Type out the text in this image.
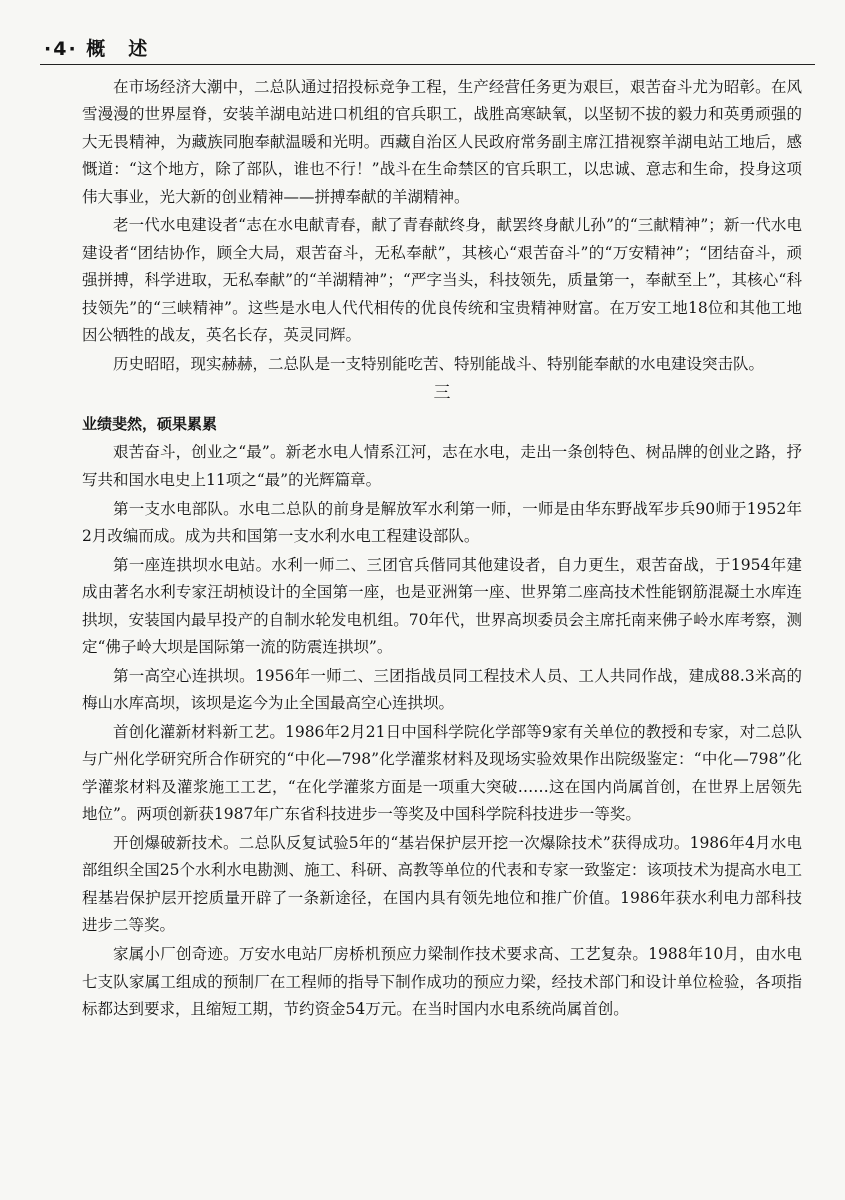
·4· 概　述

在市场经济大潮中，二总队通过招投标竞争工程，生产经营任务更为艰巨，艰苦奋斗尤为昭彰。在风雪漫漫的世界屋脊，安装羊湖电站进口机组的官兵职工，战胜高寒缺氧，以坚韧不拔的毅力和英勇顽强的大无畏精神，为藏族同胞奉献温暖和光明。西藏自治区人民政府常务副主席江措视察羊湖电站工地后，感慨道：“这个地方，除了部队，谁也不行！”战斗在生命禁区的官兵职工，以忠诚、意志和生命，投身这项伟大事业，光大新的创业精神——拼搏奉献的羊湖精神。

老一代水电建设者“志在水电献青春，献了青春献终身，献罢终身献儿孙”的“三献精神”；新一代水电建设者“团结协作，顾全大局，艰苦奋斗，无私奉献”，其核心“艰苦奋斗”的“万安精神”；“团结奋斗，顽强拼搏，科学进取，无私奉献”的“羊湖精神”；“严字当头，科技领先，质量第一，奉献至上”，其核心“科技领先”的“三峡精神”。这些是水电人代代相传的优良传统和宝贵精神财富。在万安工地18位和其他工地因公牺牲的战友，英名长存，英灵同辉。

历史昭昭，现实赫赫，二总队是一支特别能吃苦、特别能战斗、特别能奉献的水电建设突击队。

三

业绩斐然，硕果累累

艰苦奋斗，创业之“最”。新老水电人情系江河，志在水电，走出一条创特色、树品牌的创业之路，抒写共和国水电史上11项之“最”的光辉篇章。

第一支水电部队。水电二总队的前身是解放军水利第一师，一师是由华东野战军步兵90师于1952年2月改编而成。成为共和国第一支水利水电工程建设部队。

第一座连拱坝水电站。水利一师二、三团官兵偕同其他建设者，自力更生，艰苦奋战，于1954年建成由著名水利专家汪胡桢设计的全国第一座，也是亚洲第一座、世界第二座高技术性能钢筋混凝土水库连拱坝，安装国内最早投产的自制水轮发电机组。70年代，世界高坝委员会主席托南来佛子岭水库考察，测定“佛子岭大坝是国际第一流的防震连拱坝”。

第一高空心连拱坝。1956年一师二、三团指战员同工程技术人员、工人共同作战，建成88.3米高的梅山水库高坝，该坝是迄今为止全国最高空心连拱坝。

首创化灌新材料新工艺。1986年2月21日中国科学院化学部等9家有关单位的教授和专家，对二总队与广州化学研究所合作研究的“中化—798”化学灌浆材料及现场实验效果作出院级鉴定：“中化—798”化学灌浆材料及灌浆施工工艺，“在化学灌浆方面是一项重大突破……这在国内尚属首创，在世界上居领先地位”。两项创新获1987年广东省科技进步一等奖及中国科学院科技进步一等奖。

开创爆破新技术。二总队反复试验5年的“基岩保护层开挖一次爆除技术”获得成功。1986年4月水电部组织全国25个水利水电勘测、施工、科研、高教等单位的代表和专家一致鉴定：该项技术为提高水电工程基岩保护层开挖质量开辟了一条新途径，在国内具有领先地位和推广价值。1986年获水利电力部科技进步二等奖。

家属小厂创奇迹。万安水电站厂房桥机预应力梁制作技术要求高、工艺复杂。1988年10月，由水电七支队家属工组成的预制厂在工程师的指导下制作成功的预应力梁，经技术部门和设计单位检验，各项指标都达到要求，且缩短工期，节约资金54万元。在当时国内水电系统尚属首创。
